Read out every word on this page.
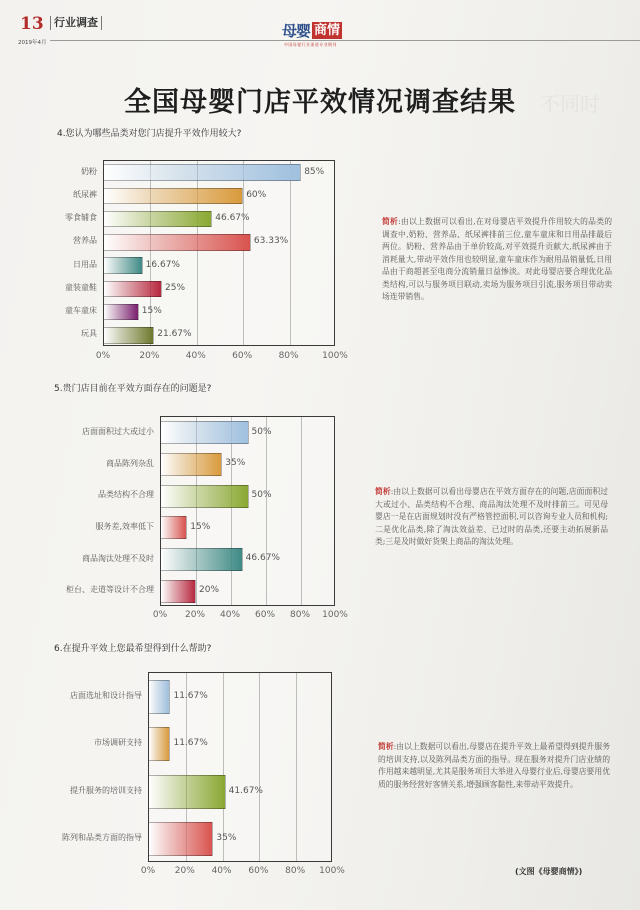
13 行业调查
2019年4月
母婴 商情
中国母婴行业渠道专业期刊
全国母婴门店平效情况调查结果	不同时
4.您认为哪些品类对您门店提升平效作用较大?
简析:由以上数据可以看出,在对母婴店平效提升作用较大的品类的调查中,奶粉、营养品、纸尿裤排前三位,童车童床和日用品排最后两位。奶粉、营养品由于单价较高,对平效提升贡献大,纸尿裤由于消耗量大,带动平效作用也较明显,童车童床作为耐用品销量低,日用品由于商超甚至电商分流销量日益惨淡。对此母婴店要合理优化品类结构,可以与服务项目联动,卖场为服务项目引流,服务项目带动卖场连带销售。
5.贵门店目前在平效方面存在的问题是?
简析:由以上数据可以看出母婴店在平效方面存在的问题,店面面积过大或过小、品类结构不合理、商品淘汰处理不及时排前三。可见母婴店一是在店面规划时没有严格管控面积,可以咨询专业人员和机构;二是优化品类,除了淘汰效益差、已过时的品类,还要主动拓展新品类;三是及时做好货架上商品的淘汰处理。
6.在提升平效上您最希望得到什么帮助?
简析:由以上数据可以看出,母婴店在提升平效上最希望得到提升服务的培训支持,以及陈列品类方面的指导。现在服务对提升门店业绩的作用越来越明显,尤其是服务项目大举进入母婴行业后,母婴店要用优质的服务经营好客情关系,增强顾客黏性,来带动平效提升。
(文图《母婴商情》)
85%
60%
46.67%
63.33%
16.67%
25%
15%
21.67%
奶粉
纸尿裤
零食辅食
营养品
日用品
童装童鞋
童车童床
玩具
0%	20%	40%	60%	80%	100%
50%
35%
50%
15%
46.67%
20%
店面面积过大或过小
商品陈列杂乱
品类结构不合理
服务差,效率低下
商品淘汰处理不及时
柜台、走道等设计不合理
0% 20% 40% 60% 80% 100%
11.67%
11.67%
41.67%
35%
店面选址和设计指导
市场调研支持
提升服务的培训支持
陈列和品类方面的指导
0% 20% 40% 60% 80% 100%
